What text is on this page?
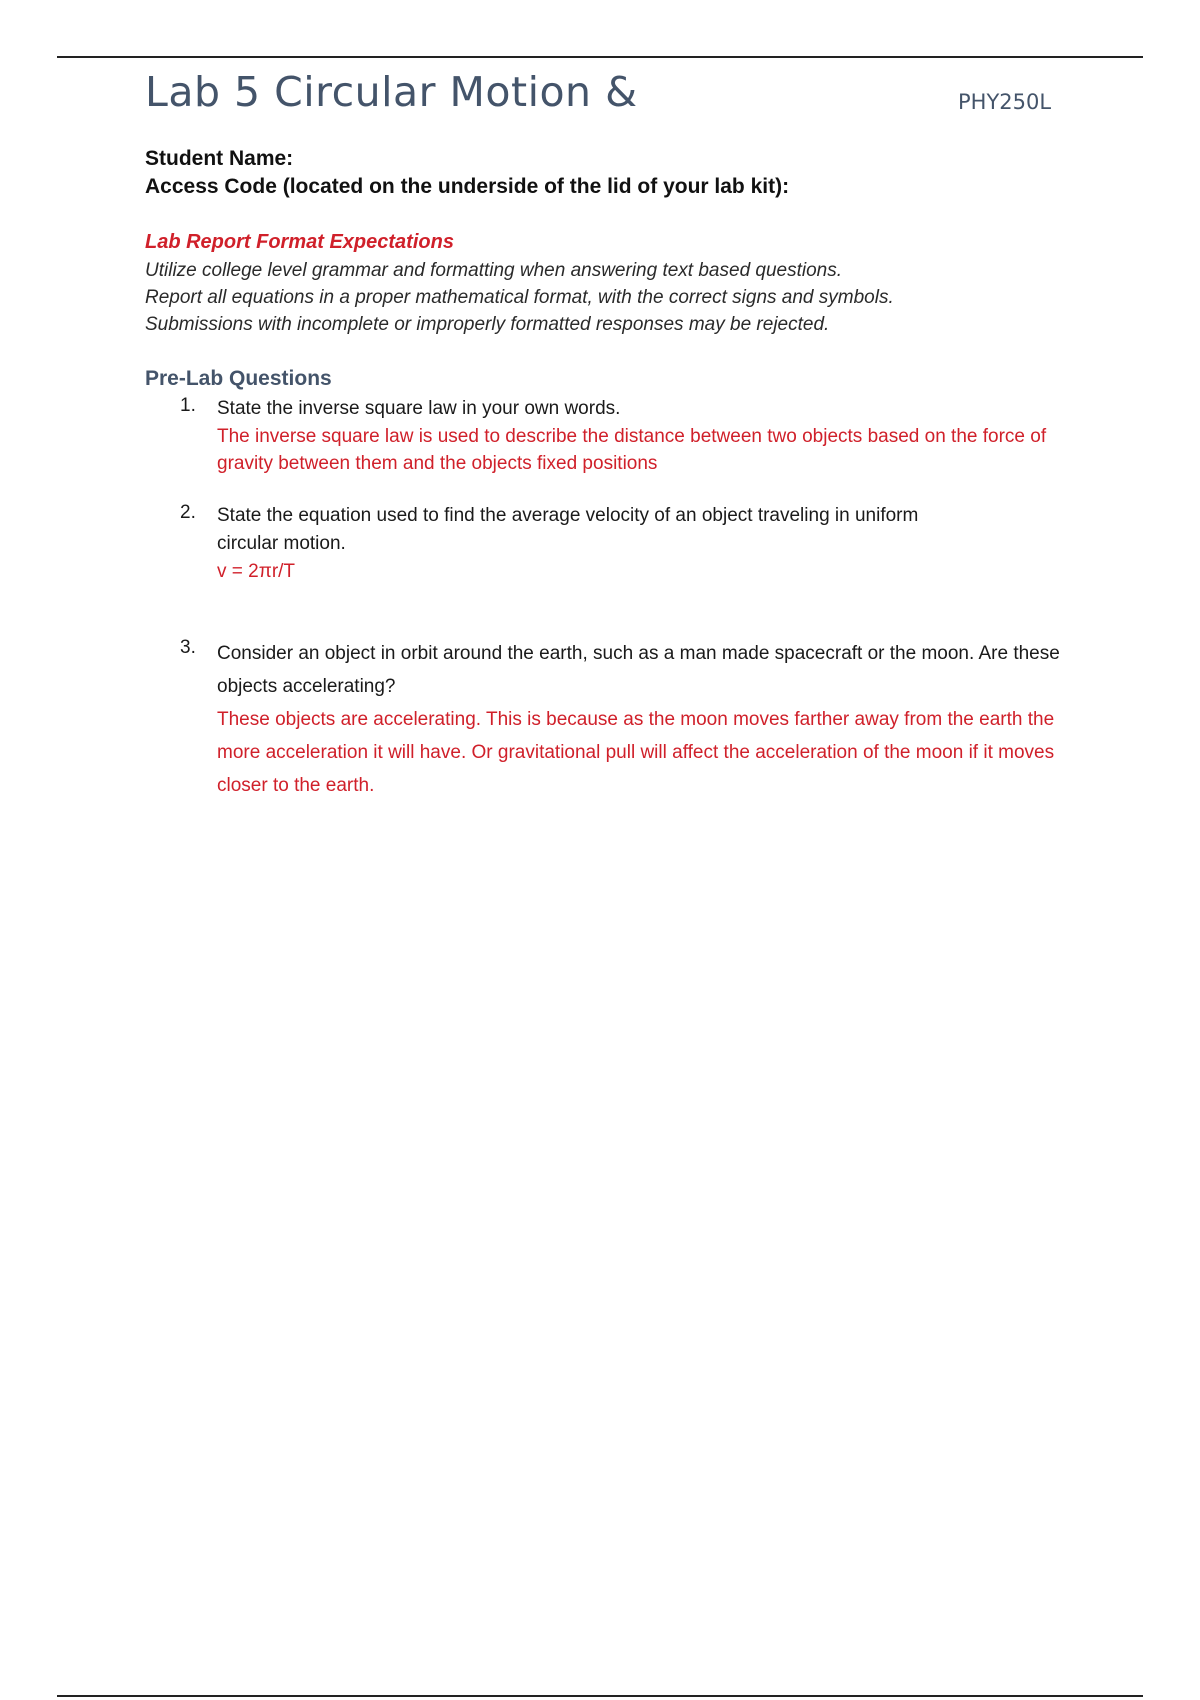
Lab 5 Circular Motion &	PHY250L
Student Name:
Access Code (located on the underside of the lid of your lab kit):
Lab Report Format Expectations
Utilize college level grammar and formatting when answering text based questions.
Report all equations in a proper mathematical format, with the correct signs and symbols.
Submissions with incomplete or improperly formatted responses may be rejected.
Pre-Lab Questions
1. State the inverse square law in your own words.
The inverse square law is used to describe the distance between two objects based on the force of gravity between them and the objects fixed positions
2. State the equation used to find the average velocity of an object traveling in uniform circular motion.
v = 2πr/T
3. Consider an object in orbit around the earth, such as a man made spacecraft or the moon. Are these objects accelerating?
These objects are accelerating. This is because as the moon moves farther away from the earth the more acceleration it will have. Or gravitational pull will affect the acceleration of the moon if it moves closer to the earth.
